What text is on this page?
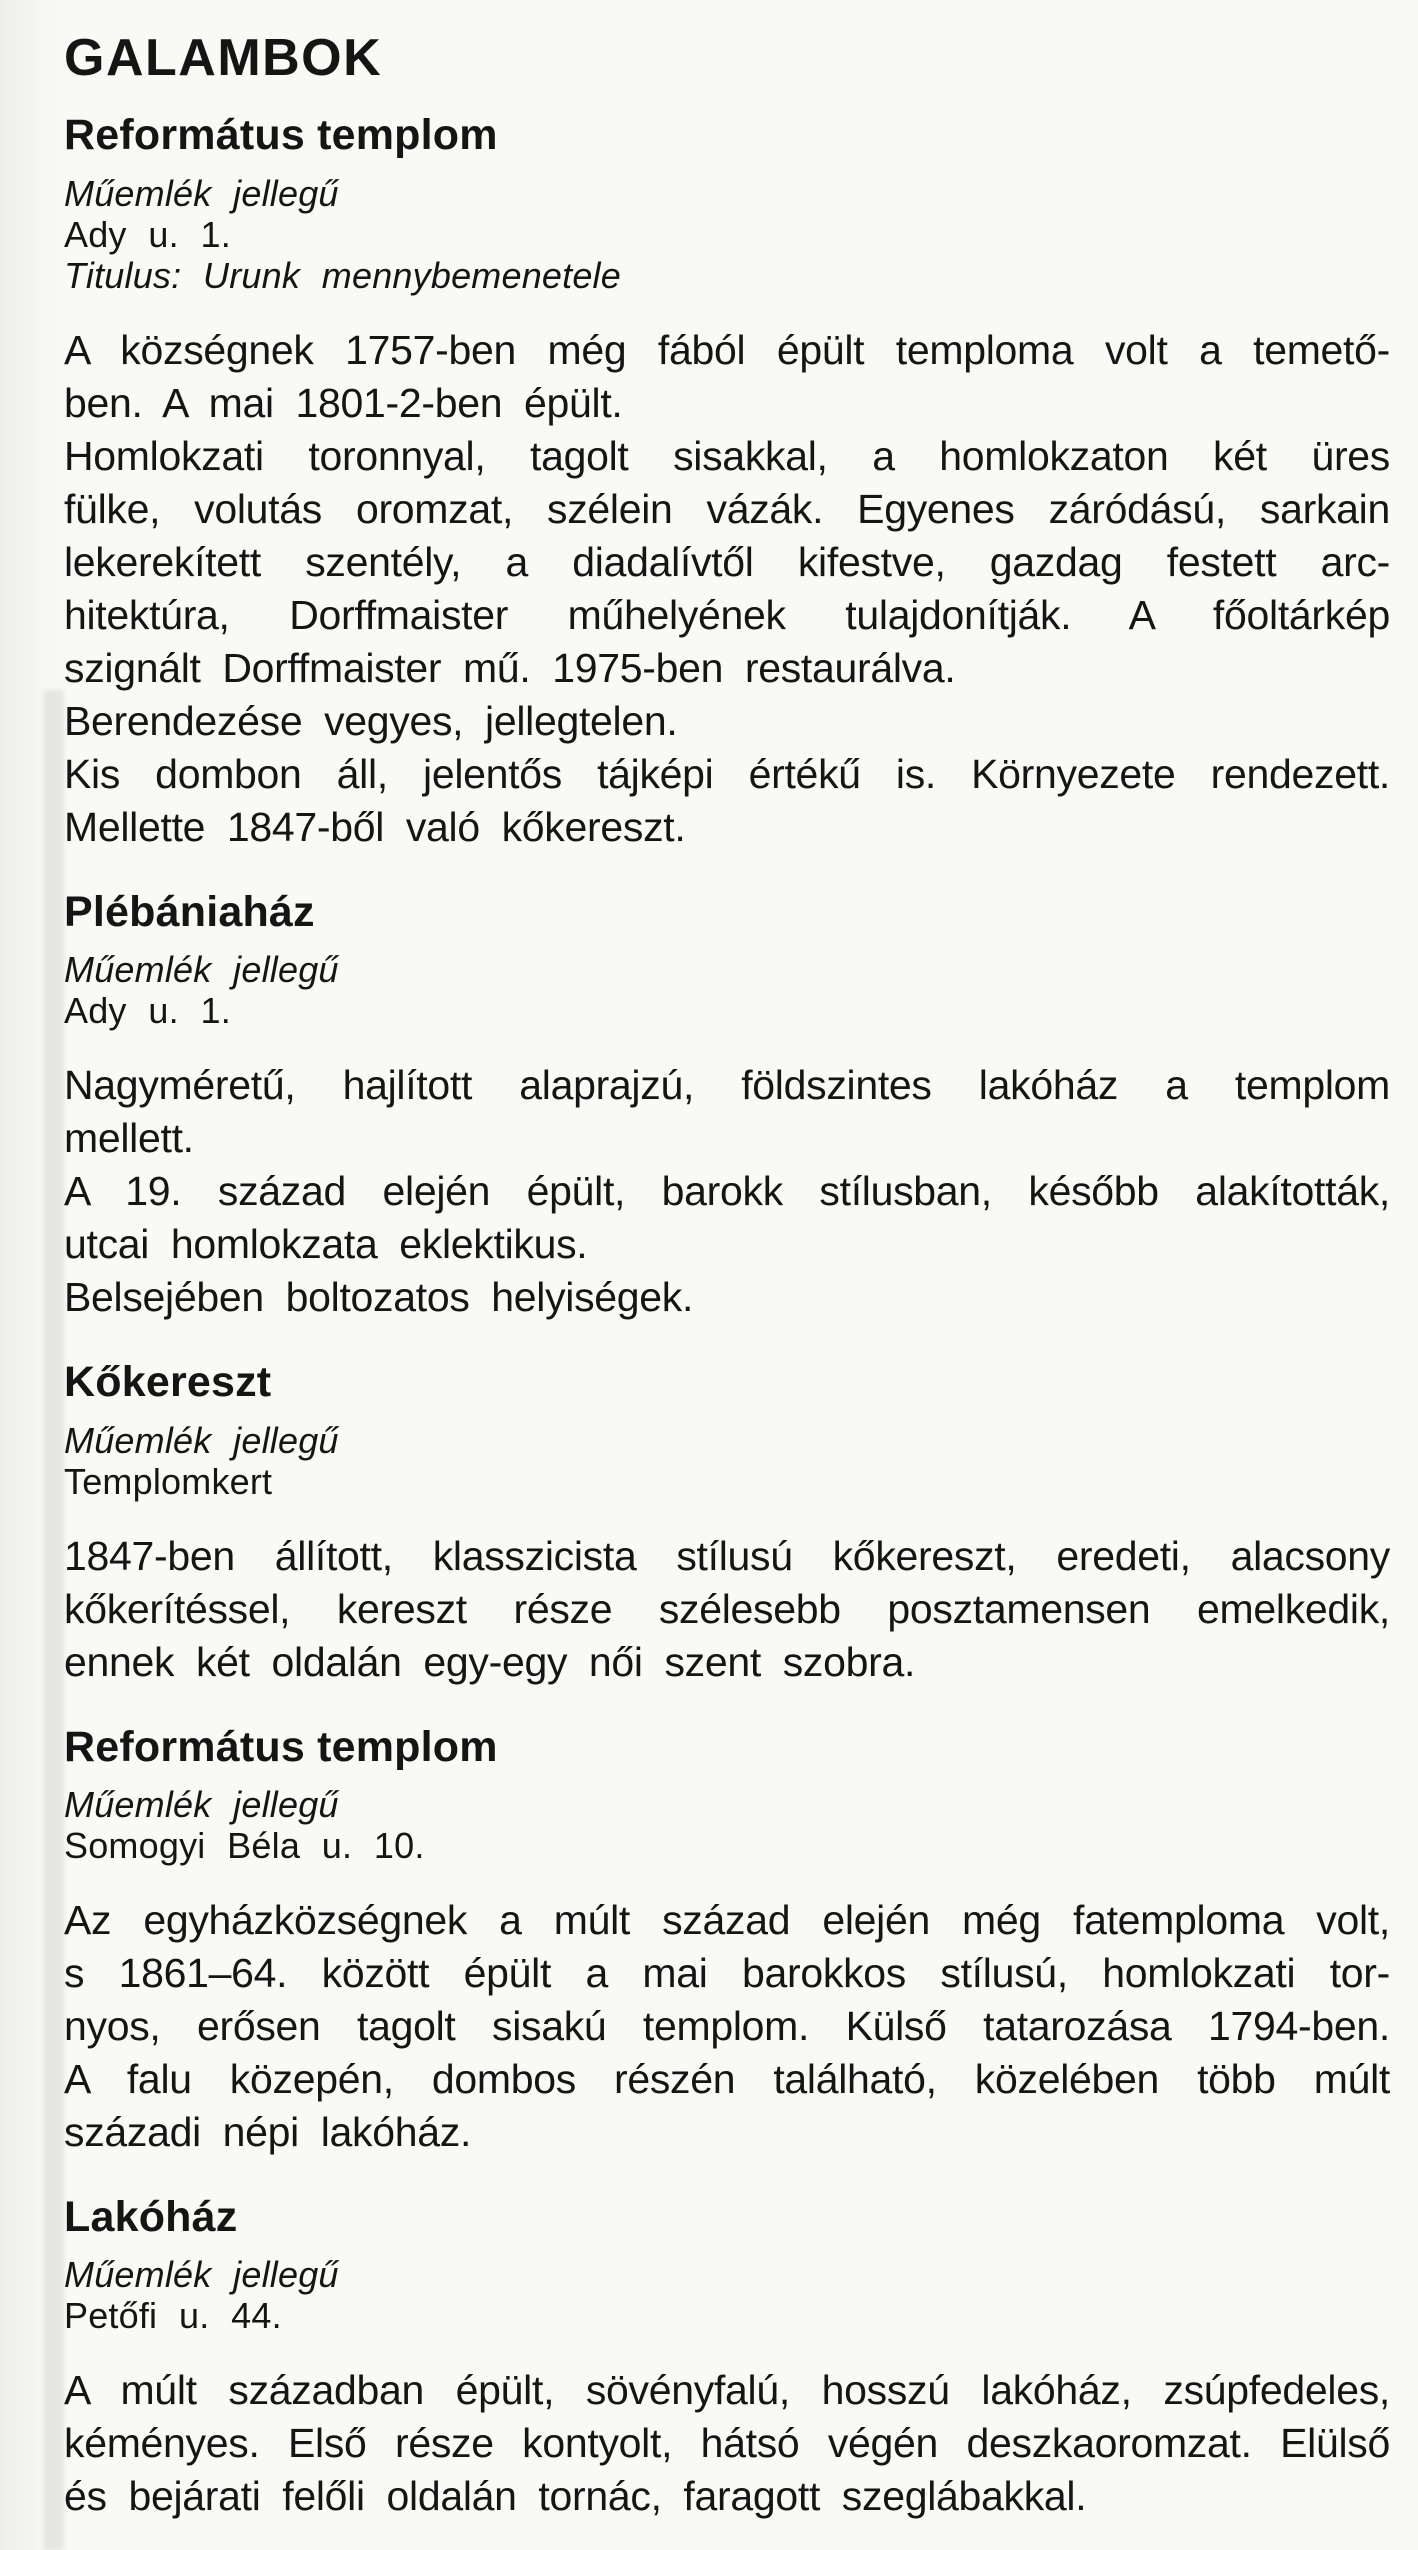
GALAMBOK
Református templom
Műemlék jellegű
Ady u. 1.
Titulus: Urunk mennybemenetele
A községnek 1757-ben még fából épült temploma volt a temető-
ben. A mai 1801-2-ben épült.
Homlokzati toronnyal, tagolt sisakkal, a homlokzaton két üres
fülke, volutás oromzat, szélein vázák. Egyenes záródású, sarkain
lekerekített szentély, a diadalívtől kifestve, gazdag festett arc-
hitektúra, Dorffmaister műhelyének tulajdonítják. A főoltárkép
szignált Dorffmaister mű. 1975-ben restaurálva.
Berendezése vegyes, jellegtelen.
Kis dombon áll, jelentős tájképi értékű is. Környezete rendezett.
Mellette 1847-ből való kőkereszt.
Plébániaház
Műemlék jellegű
Ady u. 1.
Nagyméretű, hajlított alaprajzú, földszintes lakóház a templom
mellett.
A 19. század elején épült, barokk stílusban, később alakították,
utcai homlokzata eklektikus.
Belsejében boltozatos helyiségek.
Kőkereszt
Műemlék jellegű
Templomkert
1847-ben állított, klasszicista stílusú kőkereszt, eredeti, alacsony
kőkerítéssel, kereszt része szélesebb posztamensen emelkedik,
ennek két oldalán egy-egy női szent szobra.
Református templom
Műemlék jellegű
Somogyi Béla u. 10.
Az egyházközségnek a múlt század elején még fatemploma volt,
s 1861–64. között épült a mai barokkos stílusú, homlokzati tor-
nyos, erősen tagolt sisakú templom. Külső tatarozása 1794-ben.
A falu közepén, dombos részén található, közelében több múlt
századi népi lakóház.
Lakóház
Műemlék jellegű
Petőfi u. 44.
A múlt században épült, sövényfalú, hosszú lakóház, zsúpfedeles,
kéményes. Első része kontyolt, hátsó végén deszkaoromzat. Elülső
és bejárati felőli oldalán tornác, faragott szeglábakkal.
